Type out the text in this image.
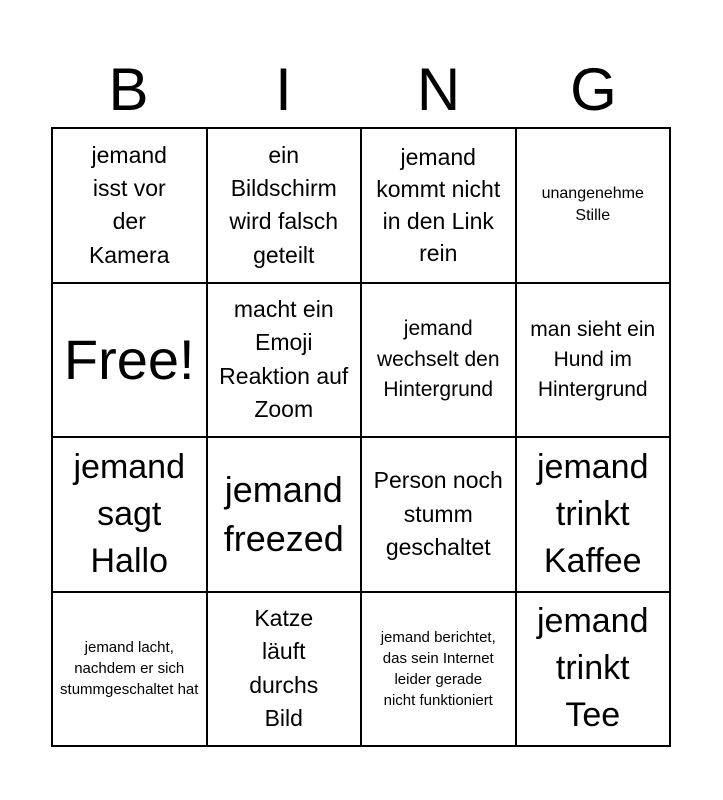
B	I	N	G
jemand isst vor der Kamera
ein Bildschirm wird falsch geteilt
jemand kommt nicht in den Link rein
unangenehme Stille
Free!
macht ein Emoji Reaktion auf Zoom
jemand wechselt den Hintergrund
man sieht ein Hund im Hintergrund
jemand sagt Hallo
jemand freezed
Person noch stumm geschaltet
jemand trinkt Kaffee
jemand lacht, nachdem er sich stummgeschaltet hat
Katze läuft durchs Bild
jemand berichtet, das sein Internet leider gerade nicht funktioniert
jemand trinkt Tee
